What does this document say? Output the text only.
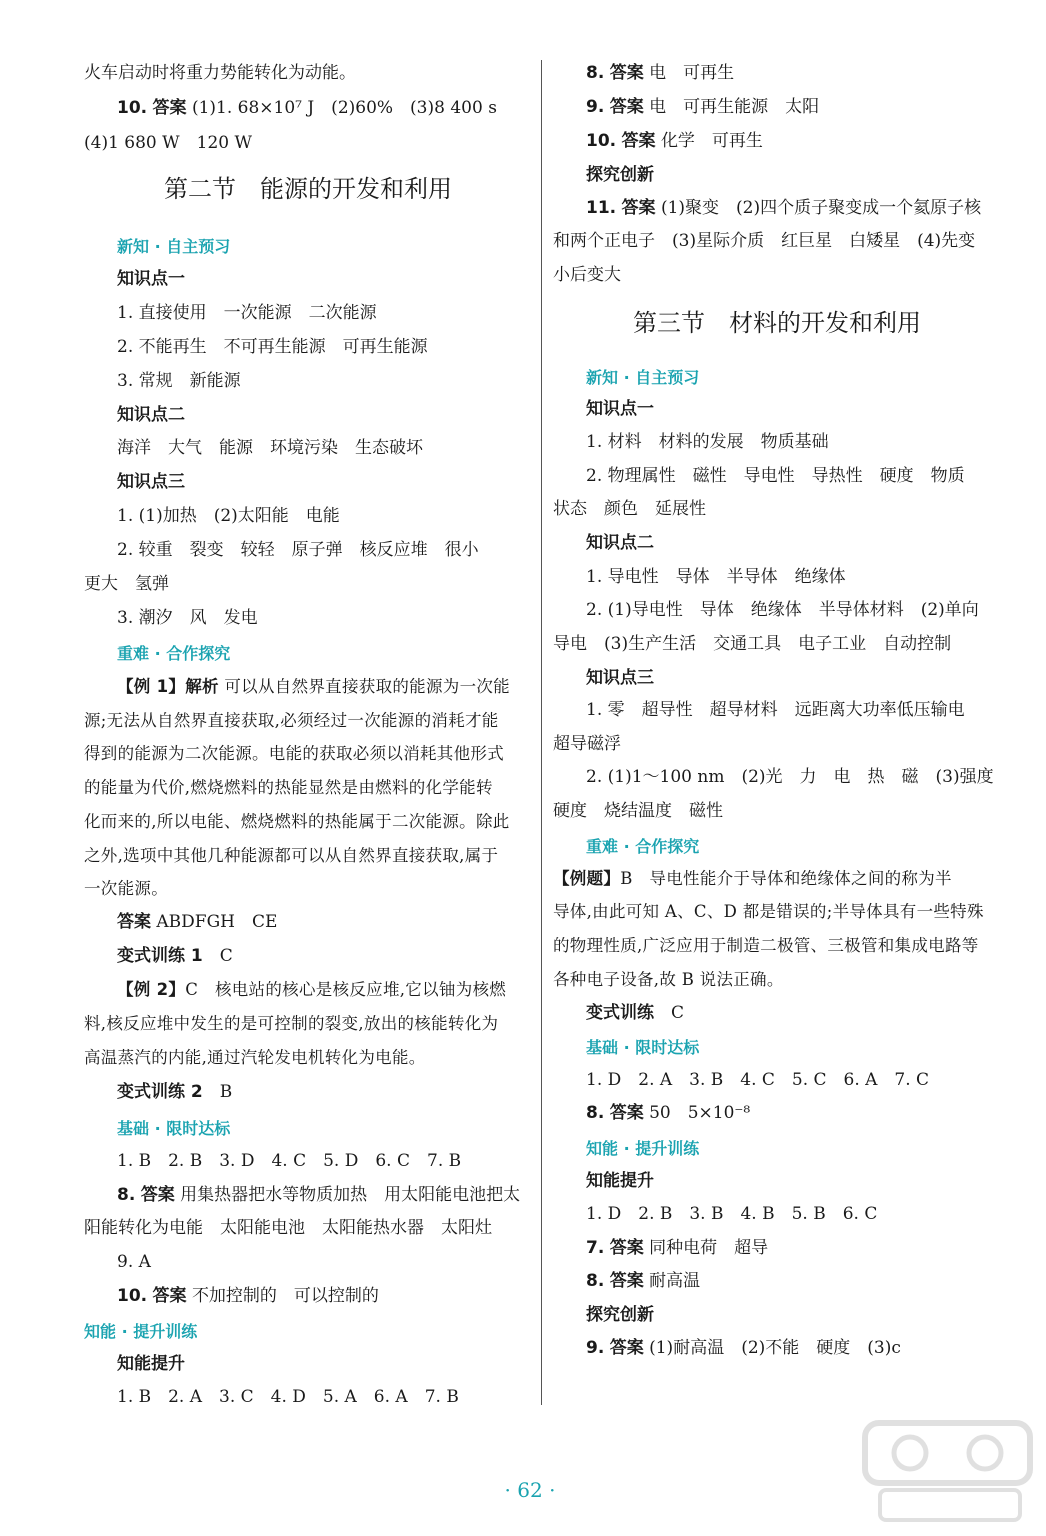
火车启动时将重力势能转化为动能。
10. 答案 (1)1. 68×10⁷ J　(2)60%　(3)8 400 s
(4)1 680 W　120 W
第二节　能源的开发和利用
新知 · 自主预习
知识点一
1. 直接使用　一次能源　二次能源
2. 不能再生　不可再生能源　可再生能源
3. 常规　新能源
知识点二
海洋　大气　能源　环境污染　生态破坏
知识点三
1. (1)加热　(2)太阳能　电能
2. 较重　裂变　较轻　原子弹　核反应堆　很小
更大　氢弹
3. 潮汐　风　发电
重难 · 合作探究
【例 1】解析 可以从自然界直接获取的能源为一次能
源;无法从自然界直接获取,必须经过一次能源的消耗才能
得到的能源为二次能源。电能的获取必须以消耗其他形式
的能量为代价,燃烧燃料的热能显然是由燃料的化学能转
化而来的,所以电能、燃烧燃料的热能属于二次能源。除此
之外,选项中其他几种能源都可以从自然界直接获取,属于
一次能源。
答案 ABDFGH　CE
变式训练 1　 C
【例 2】C　核电站的核心是核反应堆,它以铀为核燃
料,核反应堆中发生的是可控制的裂变,放出的核能转化为
高温蒸汽的内能,通过汽轮发电机转化为电能。
变式训练 2　 B
基础 · 限时达标
1. B　2. B　3. D　4. C　5. D　6. C　7. B
8. 答案 用集热器把水等物质加热　用太阳能电池把太
阳能转化为电能　太阳能电池　太阳能热水器　太阳灶
9. A
10. 答案 不加控制的　可以控制的
知能 · 提升训练
知能提升
1. B　2. A　3. C　4. D　5. A　6. A　7. B
8. 答案 电　可再生
9. 答案 电　可再生能源　太阳
10. 答案 化学　可再生
探究创新
11. 答案 (1)聚变　(2)四个质子聚变成一个氦原子核
和两个正电子　(3)星际介质　红巨星　白矮星　(4)先变
小后变大
第三节　材料的开发和利用
新知 · 自主预习
知识点一
1. 材料　材料的发展　物质基础
2. 物理属性　磁性　导电性　导热性　硬度　物质
状态　颜色　延展性
知识点二
1. 导电性　导体　半导体　绝缘体
2. (1)导电性　导体　绝缘体　半导体材料　(2)单向
导电　(3)生产生活　交通工具　电子工业　自动控制
知识点三
1. 零　超导性　超导材料　远距离大功率低压输电
超导磁浮
2. (1)1～100 nm　(2)光　力　电　热　磁　(3)强度
硬度　烧结温度　磁性
重难 · 合作探究
【例题】B　导电性能介于导体和绝缘体之间的称为半
导体,由此可知 A、C、D 都是错误的;半导体具有一些特殊
的物理性质,广泛应用于制造二极管、三极管和集成电路等
各种电子设备,故 B 说法正确。
变式训练　 C
基础 · 限时达标
1. D　2. A　3. B　4. C　5. C　6. A　7. C
8. 答案 50　5×10⁻⁸
知能 · 提升训练
知能提升
1. D　2. B　3. B　4. B　5. B　6. C
7. 答案 同种电荷　超导
8. 答案 耐高温
探究创新
9. 答案 (1)耐高温　(2)不能　硬度　(3)c
· 62 ·
